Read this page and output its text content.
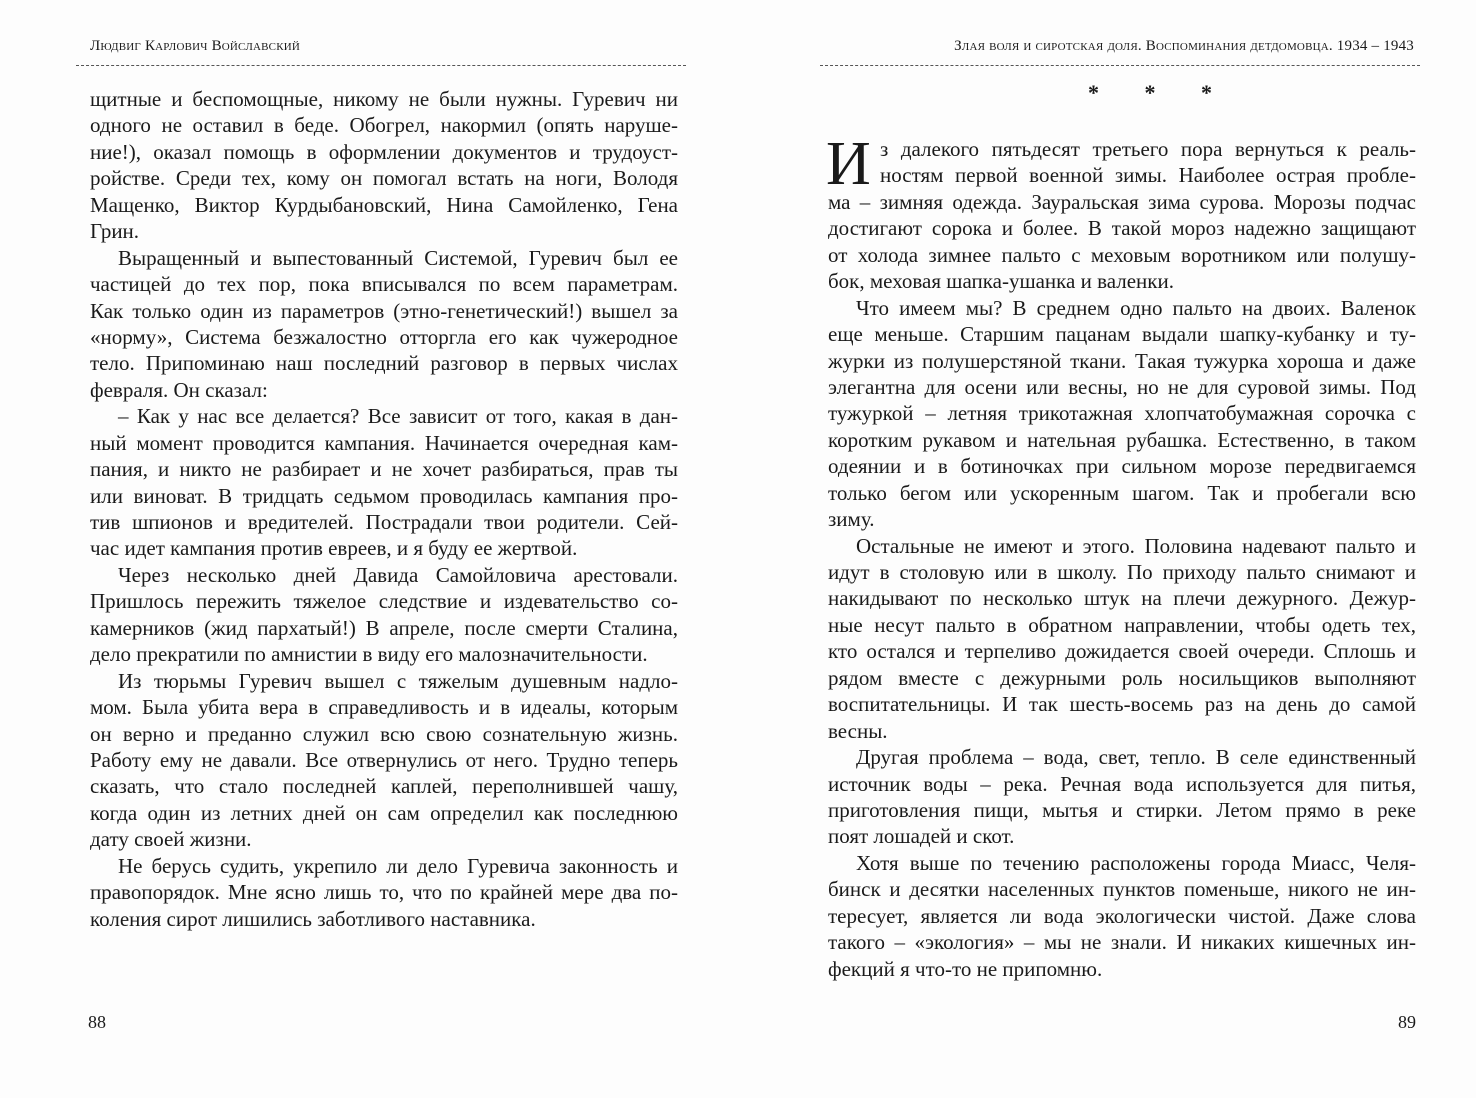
Людвиг Карлович Войславский
щитные и беспомощные, никому не были нужны. Гуревич ни
одного не оставил в беде. Обогрел, накормил (опять наруше-
ние!), оказал помощь в оформлении документов и трудоуст-
ройстве. Среди тех, кому он помогал встать на ноги, Володя
Мащенко, Виктор Курдыбановский, Нина Самойленко, Гена
Грин.
Выращенный и выпестованный Системой, Гуревич был ее
частицей до тех пор, пока вписывался по всем параметрам.
Как только один из параметров (этно-генетический!) вышел за
«норму», Система безжалостно отторгла его как чужеродное
тело. Припоминаю наш последний разговор в первых числах
февраля. Он сказал:
– Как у нас все делается? Все зависит от того, какая в дан-
ный момент проводится кампания. Начинается очередная кам-
пания, и никто не разбирает и не хочет разбираться, прав ты
или виноват. В тридцать седьмом проводилась кампания про-
тив шпионов и вредителей. Пострадали твои родители. Сей-
час идет кампания против евреев, и я буду ее жертвой.
Через несколько дней Давида Самойловича арестовали.
Пришлось пережить тяжелое следствие и издевательство со-
камерников (жид пархатый!) В апреле, после смерти Сталина,
дело прекратили по амнистии в виду его малозначительности.
Из тюрьмы Гуревич вышел с тяжелым душевным надло-
мом. Была убита вера в справедливость и в идеалы, которым
он верно и преданно служил всю свою сознательную жизнь.
Работу ему не давали. Все отвернулись от него. Трудно теперь
сказать, что стало последней каплей, переполнившей чашу,
когда один из летних дней он сам определил как последнюю
дату своей жизни.
Не берусь судить, укрепило ли дело Гуревича законность и
правопорядок. Мне ясно лишь то, что по крайней мере два по-
коления сирот лишились заботливого наставника.
88
Злая воля и сиротская доля. Воспоминания детдомовца. 1934 – 1943
* * *
И з далекого пятьдесят третьего пора вернуться к реаль-
ностям первой военной зимы. Наиболее острая пробле-
ма – зимняя одежда. Зауральская зима сурова. Морозы подчас
достигают сорока и более. В такой мороз надежно защищают
от холода зимнее пальто с меховым воротником или полушу-
бок, меховая шапка-ушанка и валенки.
Что имеем мы? В среднем одно пальто на двоих. Валенок
еще меньше. Старшим пацанам выдали шапку-кубанку и ту-
журки из полушерстяной ткани. Такая тужурка хороша и даже
элегантна для осени или весны, но не для суровой зимы. Под
тужуркой – летняя трикотажная хлопчатобумажная сорочка с
коротким рукавом и нательная рубашка. Естественно, в таком
одеянии и в ботиночках при сильном морозе передвигаемся
только бегом или ускоренным шагом. Так и пробегали всю
зиму.
Остальные не имеют и этого. Половина надевают пальто и
идут в столовую или в школу. По приходу пальто снимают и
накидывают по несколько штук на плечи дежурного. Дежур-
ные несут пальто в обратном направлении, чтобы одеть тех,
кто остался и терпеливо дожидается своей очереди. Сплошь и
рядом вместе с дежурными роль носильщиков выполняют
воспитательницы. И так шесть-восемь раз на день до самой
весны.
Другая проблема – вода, свет, тепло. В селе единственный
источник воды – река. Речная вода используется для питья,
приготовления пищи, мытья и стирки. Летом прямо в реке
поят лошадей и скот.
Хотя выше по течению расположены города Миасс, Челя-
бинск и десятки населенных пунктов поменьше, никого не ин-
тересует, является ли вода экологически чистой. Даже слова
такого – «экология» – мы не знали. И никаких кишечных ин-
фекций я что-то не припомню.
89
